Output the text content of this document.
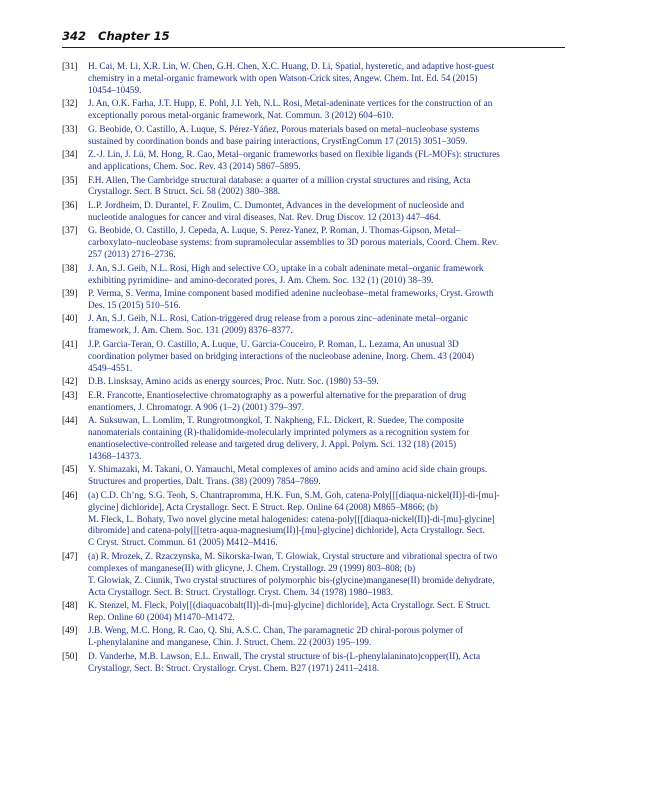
342 Chapter 15
[31]	H. Cai, M. Li, X.R. Lin, W. Chen, G.H. Chen, X.C. Huang, D. Li, Spatial, hysteretic, and adaptive host-guest
chemistry in a metal-organic framework with open Watson-Crick sites, Angew. Chem. Int. Ed. 54 (2015)
10454–10459.
[32]	J. An, O.K. Farha, J.T. Hupp, E. Pohl, J.I. Yeh, N.L. Rosi, Metal-adeninate vertices for the construction of an
exceptionally porous metal-organic framework, Nat. Commun. 3 (2012) 604–610.
[33]	G. Beobide, O. Castillo, A. Luque, S. Pérez-Yáñez, Porous materials based on metal–nucleobase systems
sustained by coordination bonds and base pairing interactions, CrystEngComm 17 (2015) 3051–3059.
[34]	Z.-J. Lin, J. Lü, M. Hong, R. Cao, Metal–organic frameworks based on flexible ligands (FL-MOFs): structures
and applications, Chem. Soc. Rev. 43 (2014) 5867–5895.
[35]	F.H. Allen, The Cambridge structural database: a quarter of a million crystal structures and rising, Acta
Crystallogr. Sect. B Struct. Sci. 58 (2002) 380–388.
[36]	L.P. Jordheim, D. Durantel, F. Zoulim, C. Dumontet, Advances in the development of nucleoside and
nucleotide analogues for cancer and viral diseases, Nat. Rev. Drug Discov. 12 (2013) 447–464.
[37]	G. Beobide, O. Castillo, J. Cepeda, A. Luque, S. Perez-Yanez, P. Roman, J. Thomas-Gipson, Metal–
carboxylato–nucleobase systems: from supramolecular assemblies to 3D porous materials, Coord. Chem. Rev.
257 (2013) 2716–2736.
[38]	J. An, S.J. Geib, N.L. Rosi, High and selective CO₂ uptake in a cobalt adeninate metal–organic framework
exhibiting pyrimidine- and amino-decorated pores, J. Am. Chem. Soc. 132 (1) (2010) 38–39.
[39]	P. Verma, S. Verma, Imine component based modified adenine nucleobase–metal frameworks, Cryst. Growth
Des. 15 (2015) 510–516.
[40]	J. An, S.J. Geib, N.L. Rosi, Cation-triggered drug release from a porous zinc–adeninate metal–organic
framework, J. Am. Chem. Soc. 131 (2009) 8376–8377.
[41]	J.P. Garcia-Teran, O. Castillo, A. Luque, U. Garcia-Couceiro, P. Roman, L. Lezama, An unusual 3D
coordination polymer based on bridging interactions of the nucleobase adenine, Inorg. Chem. 43 (2004)
4549–4551.
[42]	D.B. Linsksay, Amino acids as energy sources, Proc. Nutr. Soc. (1980) 53–59.
[43]	E.R. Francotte, Enantioselective chromatography as a powerful alternative for the preparation of drug
enantiomers, J. Chromatogr. A 906 (1–2) (2001) 379–397.
[44]	A. Suksuwan, L. Lomlim, T. Rungrotmongkol, T. Nakpheng, F.L. Dickert, R. Suedee, The composite
nanomaterials containing (R)-thalidomide-molecularly imprinted polymers as a recognition system for
enantioselective-controlled release and targeted drug delivery, J. Appl. Polym. Sci. 132 (18) (2015)
14368–14373.
[45]	Y. Shimazaki, M. Takani, O. Yamauchi, Metal complexes of amino acids and amino acid side chain groups.
Structures and properties, Dalt. Trans. (38) (2009) 7854–7869.
[46]	(a) C.D. Ch’ng, S.G. Teoh, S. Chantrapromma, H.K. Fun, S.M. Goh, catena-Poly[[[diaqua-nickel(II)]-di-[mu]-
glycine] dichloride], Acta Crystallogr. Sect. E Struct. Rep. Online 64 (2008) M865–M866; (b)
M. Fleck, L. Bohaty, Two novel glycine metal halogenides: catena-poly[[[diaqua-nickel(II)]-di-[mu]-glycine]
dibromide] and catena-poly[[[tetra-aqua-magnesium(II)]-[mu]-glycine] dichloride], Acta Crystallogr. Sect.
C Cryst. Struct. Commun. 61 (2005) M412–M416.
[47]	(a) R. Mrozek, Z. Rzaczynska, M. Sikorska-Iwan, T. Glowiak, Crystal structure and vibrational spectra of two
complexes of manganese(II) with glicyne, J. Chem. Crystallogr. 29 (1999) 803–808; (b)
T. Glowiak, Z. Ciunik, Two crystal structures of polymorphic bis-(glycine)manganese(II) bromide dehydrate,
Acta Crystallogr. Sect. B: Struct. Crystallogr. Cryst. Chem. 34 (1978) 1980–1983.
[48]	K. Stenzel, M. Fleck, Poly[[(diaquacobalt(II)]-di-[mu]-glycine] dichloride], Acta Crystallogr. Sect. E Struct.
Rep. Online 60 (2004) M1470–M1472.
[49]	J.B. Weng, M.C. Hong, R. Cao, Q. Shi, A.S.C. Chan, The paramagnetic 2D chiral-porous polymer of
L-phenylalanine and manganese, Chin. J. Struct. Chem. 22 (2003) 195–199.
[50]	D. Vanderhe, M.B. Lawson, E.L. Enwall, The crystal structure of bis-(L-phenylalaninato)copper(II), Acta
Crystallogr, Sect. B: Struct. Crystallogr. Cryst. Chem. B27 (1971) 2411–2418.
